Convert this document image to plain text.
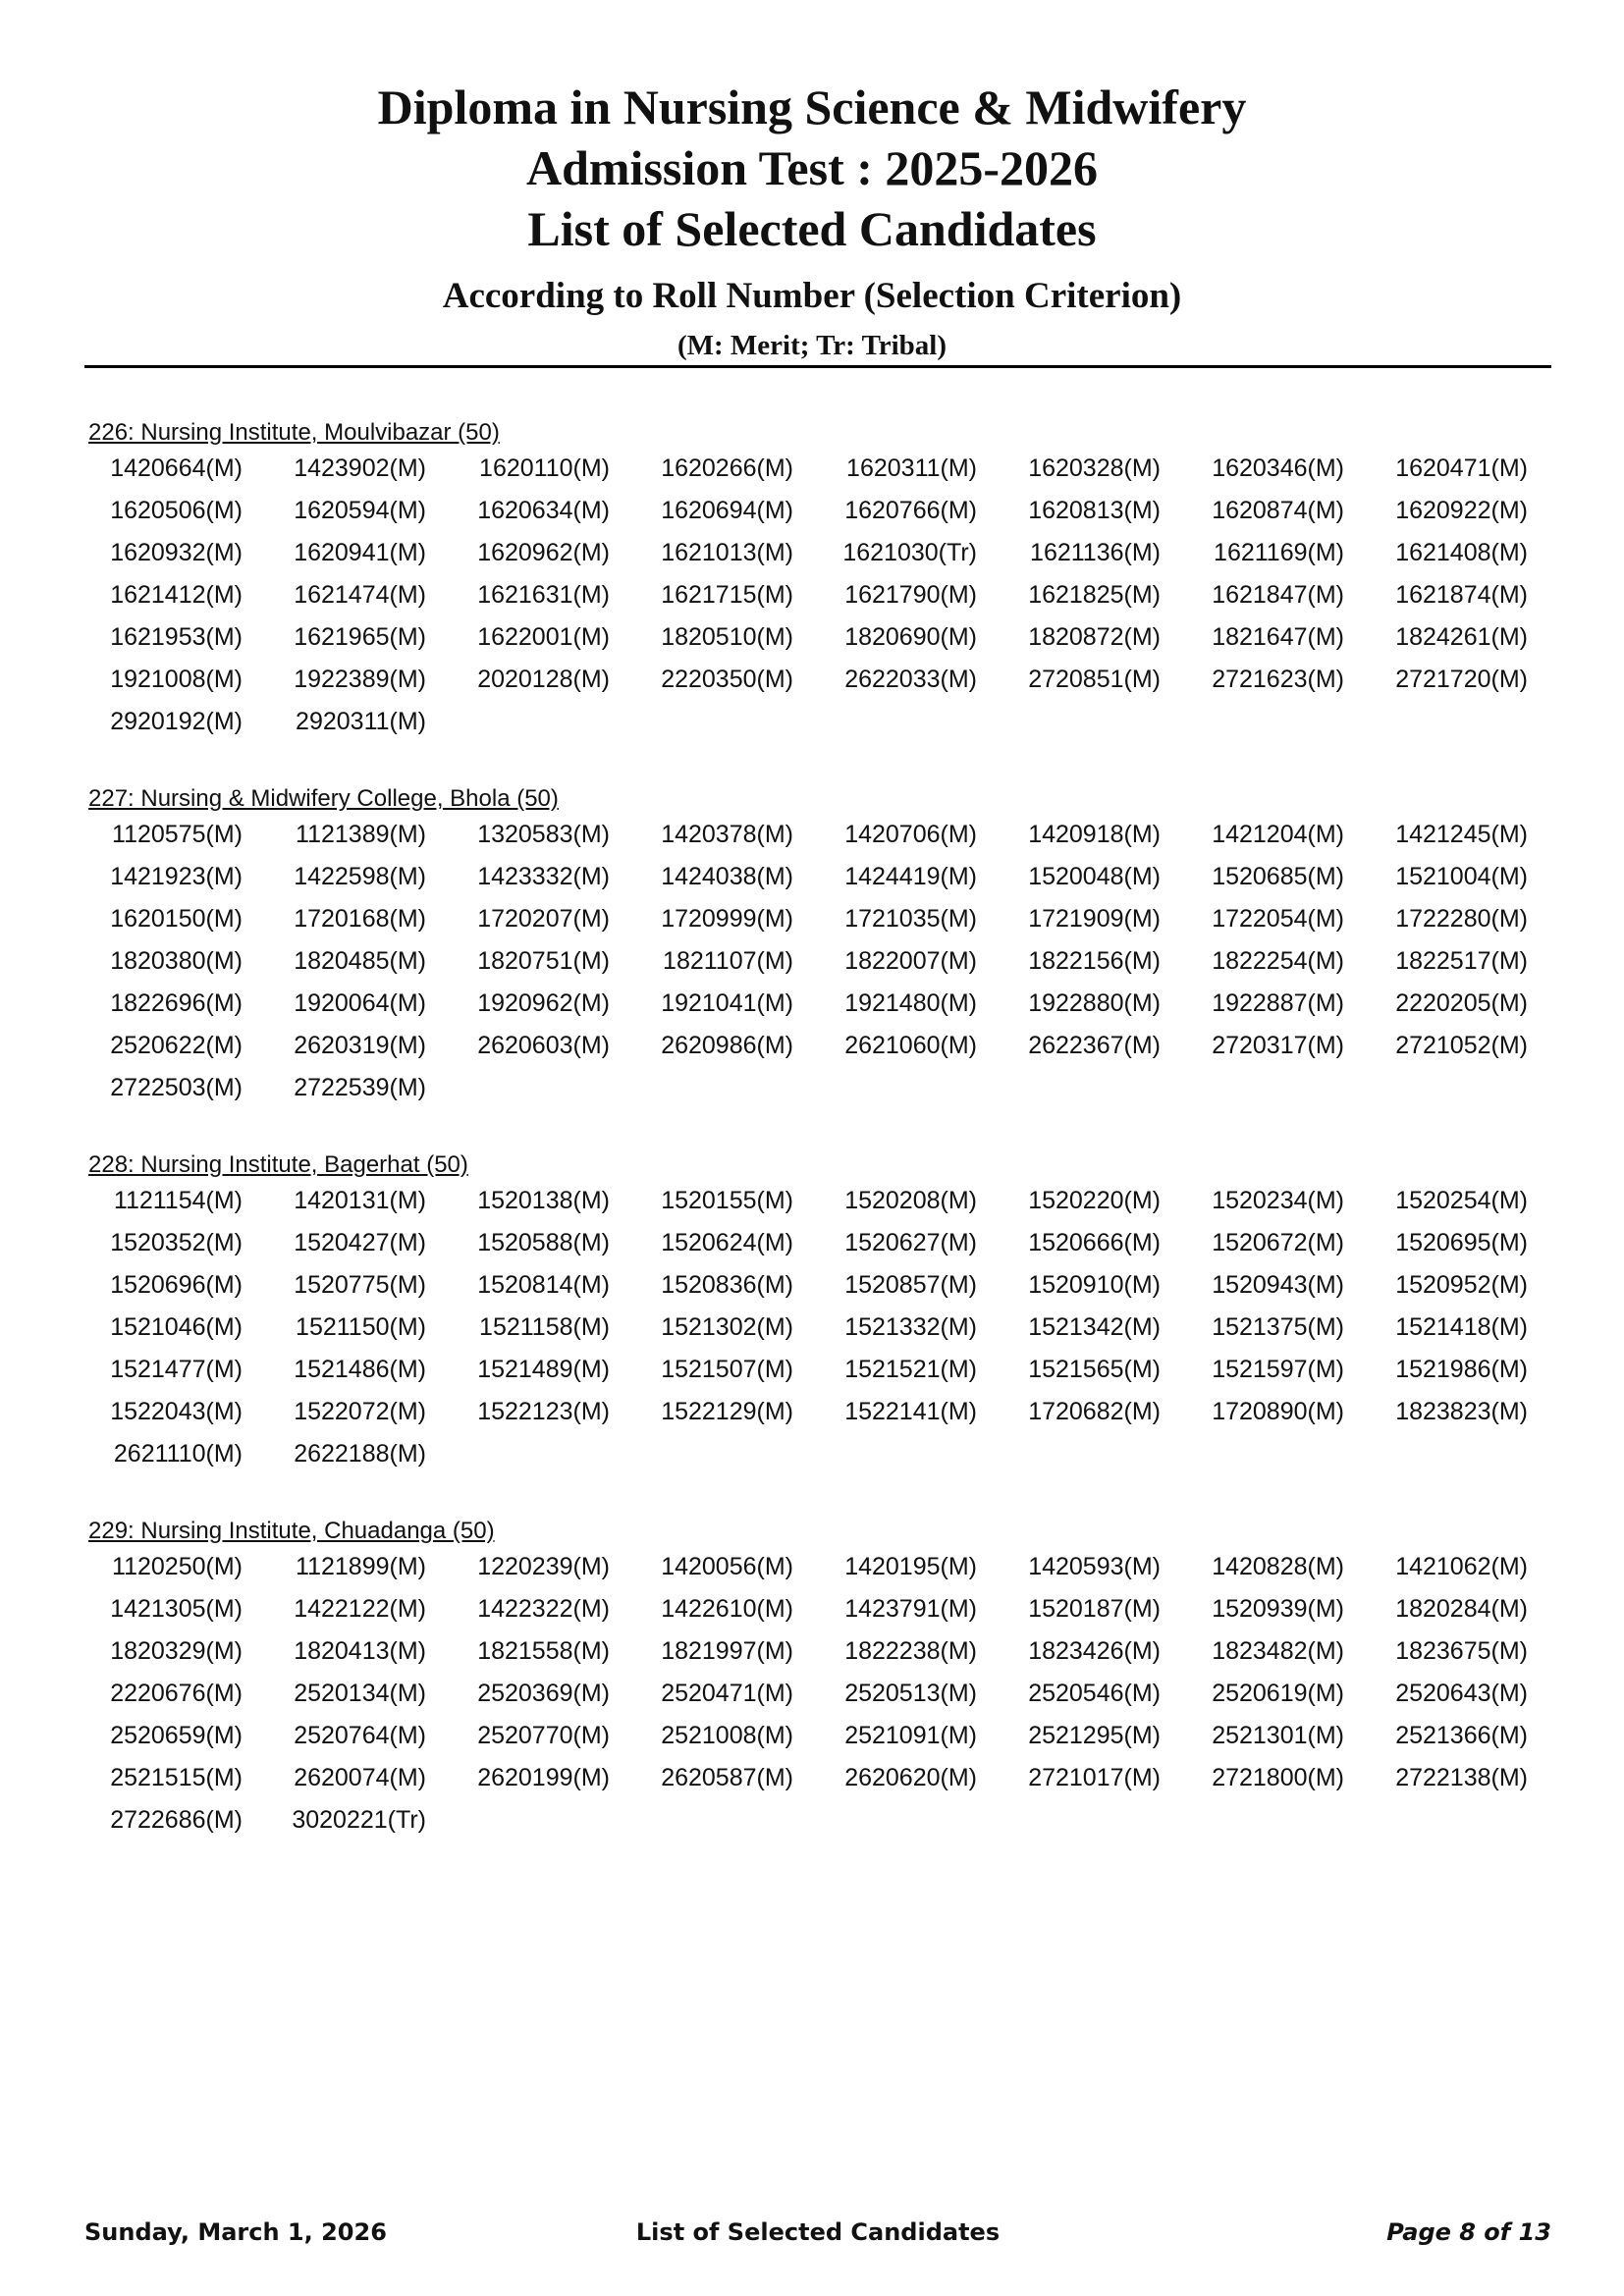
Diploma in Nursing Science & Midwifery
Admission Test : 2025-2026
List of Selected Candidates
According to Roll Number (Selection Criterion)
(M: Merit; Tr: Tribal)
226: Nursing Institute, Moulvibazar (50)
1420664(M)	1423902(M)	1620110(M)	1620266(M)	1620311(M)	1620328(M)	1620346(M)	1620471(M)
1620506(M)	1620594(M)	1620634(M)	1620694(M)	1620766(M)	1620813(M)	1620874(M)	1620922(M)
1620932(M)	1620941(M)	1620962(M)	1621013(M)	1621030(Tr)	1621136(M)	1621169(M)	1621408(M)
1621412(M)	1621474(M)	1621631(M)	1621715(M)	1621790(M)	1621825(M)	1621847(M)	1621874(M)
1621953(M)	1621965(M)	1622001(M)	1820510(M)	1820690(M)	1820872(M)	1821647(M)	1824261(M)
1921008(M)	1922389(M)	2020128(M)	2220350(M)	2622033(M)	2720851(M)	2721623(M)	2721720(M)
2920192(M)	2920311(M)
227: Nursing & Midwifery College, Bhola (50)
1120575(M)	1121389(M)	1320583(M)	1420378(M)	1420706(M)	1420918(M)	1421204(M)	1421245(M)
1421923(M)	1422598(M)	1423332(M)	1424038(M)	1424419(M)	1520048(M)	1520685(M)	1521004(M)
1620150(M)	1720168(M)	1720207(M)	1720999(M)	1721035(M)	1721909(M)	1722054(M)	1722280(M)
1820380(M)	1820485(M)	1820751(M)	1821107(M)	1822007(M)	1822156(M)	1822254(M)	1822517(M)
1822696(M)	1920064(M)	1920962(M)	1921041(M)	1921480(M)	1922880(M)	1922887(M)	2220205(M)
2520622(M)	2620319(M)	2620603(M)	2620986(M)	2621060(M)	2622367(M)	2720317(M)	2721052(M)
2722503(M)	2722539(M)
228: Nursing Institute, Bagerhat (50)
1121154(M)	1420131(M)	1520138(M)	1520155(M)	1520208(M)	1520220(M)	1520234(M)	1520254(M)
1520352(M)	1520427(M)	1520588(M)	1520624(M)	1520627(M)	1520666(M)	1520672(M)	1520695(M)
1520696(M)	1520775(M)	1520814(M)	1520836(M)	1520857(M)	1520910(M)	1520943(M)	1520952(M)
1521046(M)	1521150(M)	1521158(M)	1521302(M)	1521332(M)	1521342(M)	1521375(M)	1521418(M)
1521477(M)	1521486(M)	1521489(M)	1521507(M)	1521521(M)	1521565(M)	1521597(M)	1521986(M)
1522043(M)	1522072(M)	1522123(M)	1522129(M)	1522141(M)	1720682(M)	1720890(M)	1823823(M)
2621110(M)	2622188(M)
229: Nursing Institute, Chuadanga (50)
1120250(M)	1121899(M)	1220239(M)	1420056(M)	1420195(M)	1420593(M)	1420828(M)	1421062(M)
1421305(M)	1422122(M)	1422322(M)	1422610(M)	1423791(M)	1520187(M)	1520939(M)	1820284(M)
1820329(M)	1820413(M)	1821558(M)	1821997(M)	1822238(M)	1823426(M)	1823482(M)	1823675(M)
2220676(M)	2520134(M)	2520369(M)	2520471(M)	2520513(M)	2520546(M)	2520619(M)	2520643(M)
2520659(M)	2520764(M)	2520770(M)	2521008(M)	2521091(M)	2521295(M)	2521301(M)	2521366(M)
2521515(M)	2620074(M)	2620199(M)	2620587(M)	2620620(M)	2721017(M)	2721800(M)	2722138(M)
2722686(M)	3020221(Tr)
Sunday, March 1, 2026	List of Selected Candidates	Page 8 of 13
